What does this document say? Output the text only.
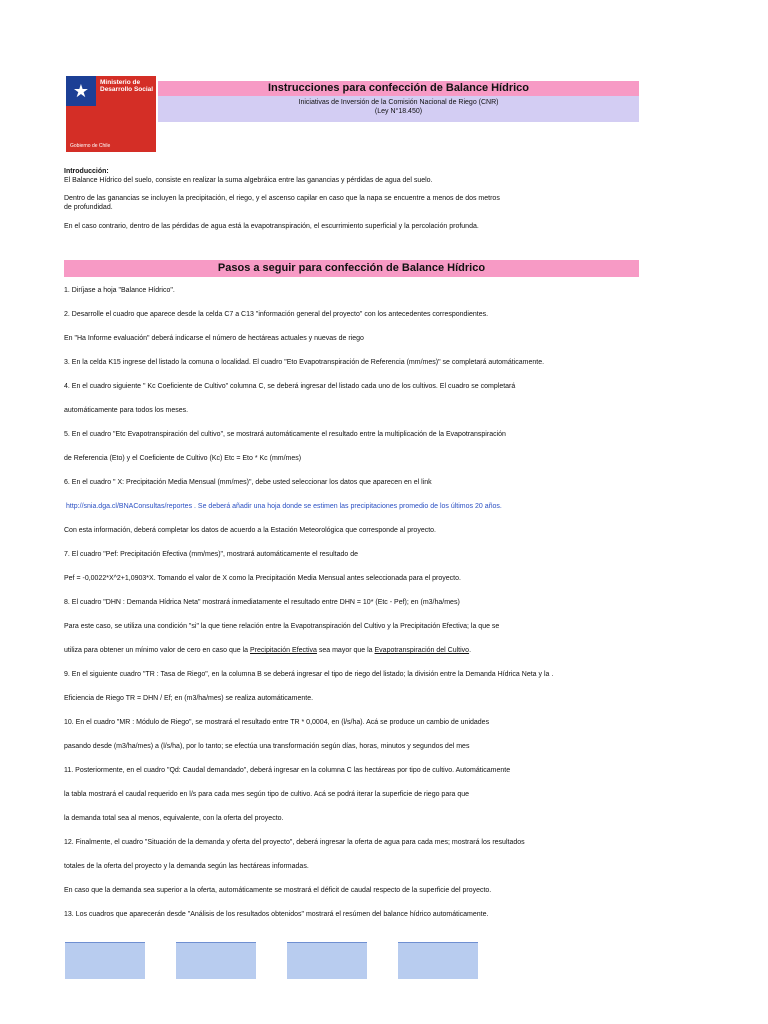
★	Ministerio de Desarrollo Social
Gobierno de Chile
Instrucciones para confección de Balance Hídrico
Iniciativas de Inversión de la Comisión Nacional de Riego (CNR)
(Ley N°18.450)
Introducción:
El Balance Hídrico del suelo, consiste en realizar la suma algebráica entre las ganancias y pérdidas de agua del suelo.
Dentro de las ganancias se incluyen la precipitación, el riego, y el ascenso capilar en caso que la napa se encuentre a menos de dos metros
de profundidad.
En el caso contrario, dentro de las pérdidas de agua está la evapotranspiración, el escurrimiento superficial y la percolación profunda.
Pasos a seguir para confección de Balance Hídrico
1. Diríjase a hoja "Balance Hídrico".
2. Desarrolle el cuadro que aparece desde la celda C7 a C13 "información general del proyecto" con los antecedentes correspondientes.
En "Ha Informe evaluación" deberá indicarse el número de hectáreas actuales y nuevas de riego
3. En la celda K15 ingrese del listado la comuna o localidad. El cuadro "Eto Evapotranspiración de Referencia (mm/mes)" se completará automáticamente.
4. En el cuadro siguiente " Kc Coeficiente de Cultivo" columna C, se deberá ingresar del listado cada uno de los cultivos. El cuadro se completará
automáticamente para todos los meses.
5. En el cuadro "Etc Evapotranspiración del cultivo", se mostrará automáticamente el resultado entre la multiplicación de la Evapotranspiración
de Referencia (Eto) y el Coeficiente de Cultivo (Kc) Etc = Eto * Kc (mm/mes)
6. En el cuadro " X: Precipitación Media Mensual (mm/mes)", debe usted seleccionar los datos que aparecen en el link
http://snia.dga.cl/BNAConsultas/reportes . Se deberá añadir una hoja donde se estimen las precipitaciones promedio de los últimos 20 años.
Con esta información, deberá completar los datos de acuerdo a la Estación Meteorológica que corresponde al proyecto.
7. El cuadro "Pef: Precipitación Efectiva (mm/mes)", mostrará automáticamente el resultado de
Pef = -0,0022*X^2+1,0903*X. Tomando el valor de X como la Precipitación Media Mensual antes seleccionada para el proyecto.
8. El cuadro "DHN : Demanda Hídrica Neta" mostrará inmediatamente el resultado entre DHN = 10* (Etc - Pef); en (m3/ha/mes)
Para este caso, se utiliza una condición "si" la que tiene relación entre la Evapotranspiración del Cultivo y la Precipitación Efectiva; la que se
utiliza para obtener un mínimo valor de cero en caso que la Precipitación Efectiva sea mayor que la Evapotranspiración del Cultivo.
9. En el siguiente cuadro "TR : Tasa de Riego", en la columna B se deberá ingresar el tipo de riego del listado; la división entre la Demanda Hídrica Neta y la .
Eficiencia de Riego TR = DHN / Ef; en (m3/ha/mes) se realiza automáticamente.
10. En el cuadro "MR : Módulo de Riego", se mostrará el resultado entre TR * 0,0004, en (l/s/ha). Acá se produce un cambio de unidades
pasando desde (m3/ha/mes) a (l/s/ha), por lo tanto; se efectúa una transformación según días, horas, minutos y segundos del mes
11. Posteriormente, en el cuadro "Qd: Caudal demandado", deberá ingresar en la columna C las hectáreas por tipo de cultivo. Automáticamente
la tabla mostrará el caudal requerido en l/s para cada mes según tipo de cultivo. Acá se podrá iterar la superficie de riego para que
la demanda total sea al menos, equivalente, con la oferta del proyecto.
12. Finalmente, el cuadro "Situación de la demanda y oferta del proyecto", deberá ingresar la oferta de agua para cada mes; mostrará los resultados
totales de la oferta del proyecto y la demanda según las hectáreas informadas.
En caso que la demanda sea superior a la oferta, automáticamente se mostrará el déficit de caudal respecto de la superficie del proyecto.
13. Los cuadros que aparecerán desde "Análisis de los resultados obtenidos" mostrará el resúmen del balance hídrico automáticamente.
